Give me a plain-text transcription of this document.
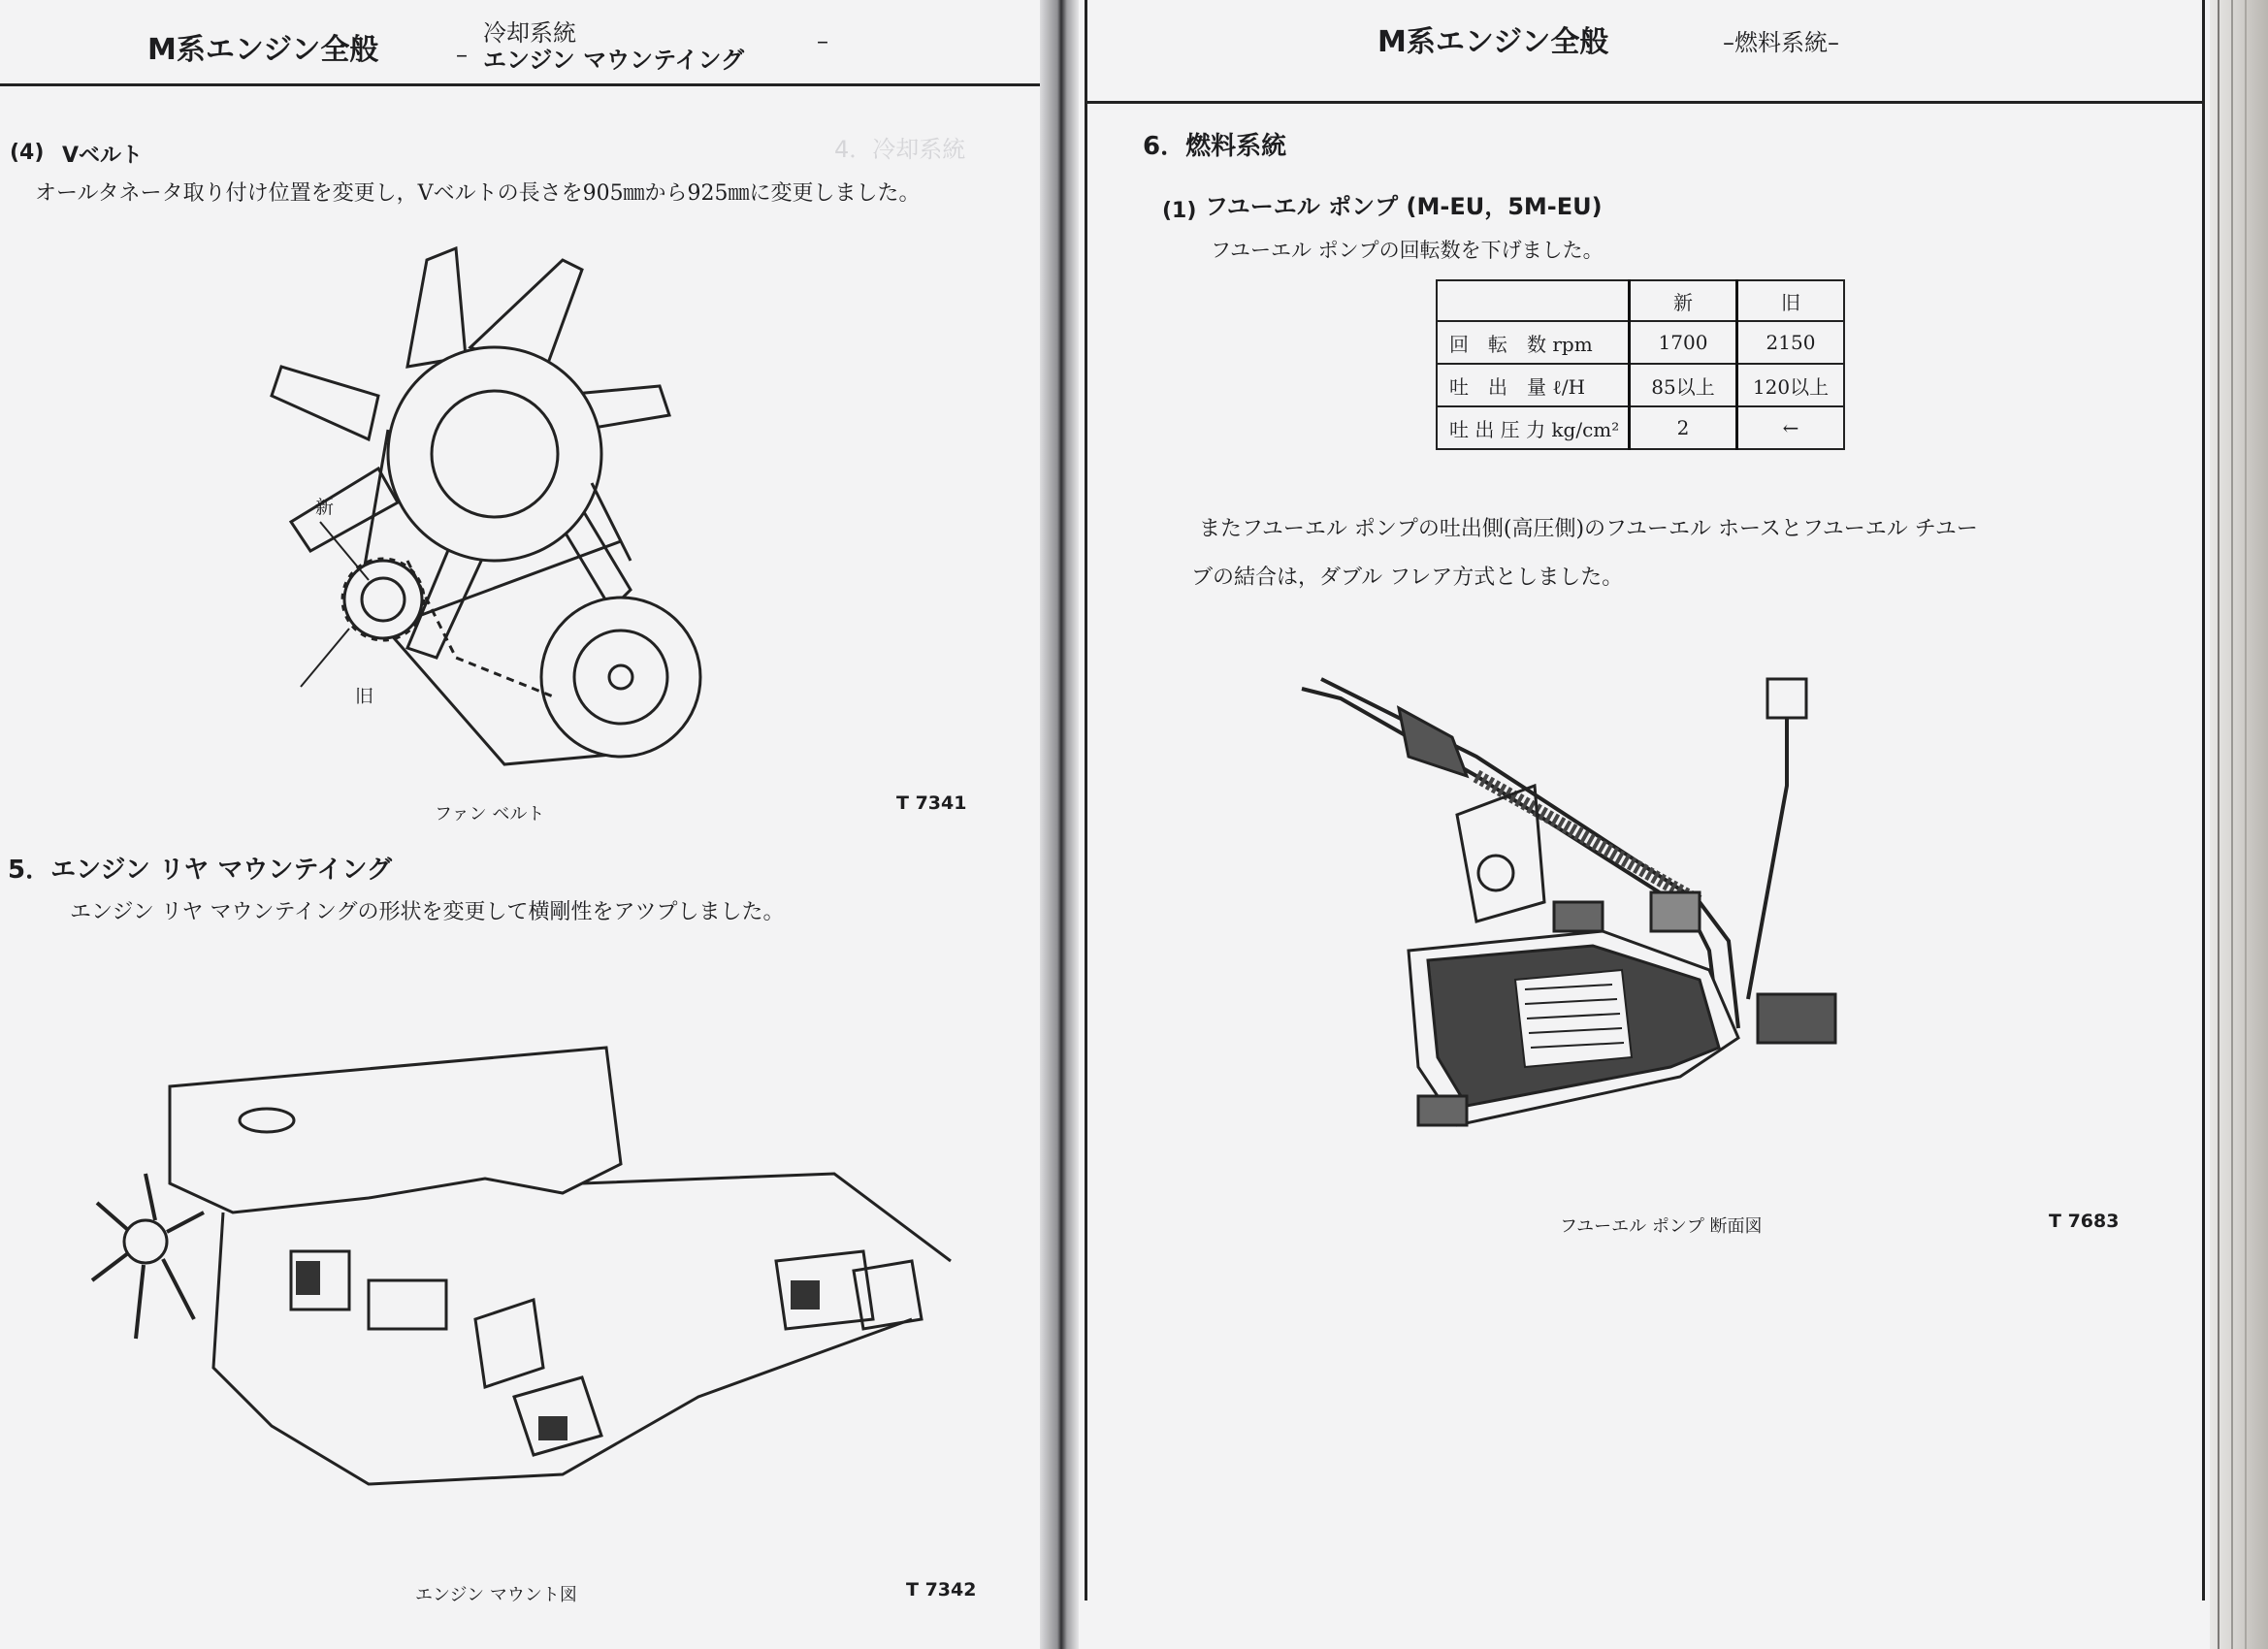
4．冷却系統

M系エンジン全般	–
冷却系統
エンジン マウンテイング
–
(4) Vベルト
オールタネータ取り付け位置を変更し，Vベルトの長さを905㎜から925㎜に変更しました。
新
旧
ファン ベルト
T 7341
5．エンジン リヤ マウンテイング
エンジン リヤ マウンテイングの形状を変更して横剛性をアツプしました。
エンジン マウント図	T 7342
M系エンジン全般	–燃料系統–
6．燃料系統
(1) フユーエル ポンプ (M-EU，5M-EU)
フユーエル ポンプの回転数を下げました。
	新	旧
回　転　数 rpm	1700	2150
吐　出　量 ℓ/H	85以上	120以上
吐 出 圧 力 kg/cm²	2	←
またフユーエル ポンプの吐出側(高圧側)のフユーエル ホースとフユーエル チユー
ブの結合は，ダブル フレア方式としました。
フユーエル ポンプ 断面図	T 7683
